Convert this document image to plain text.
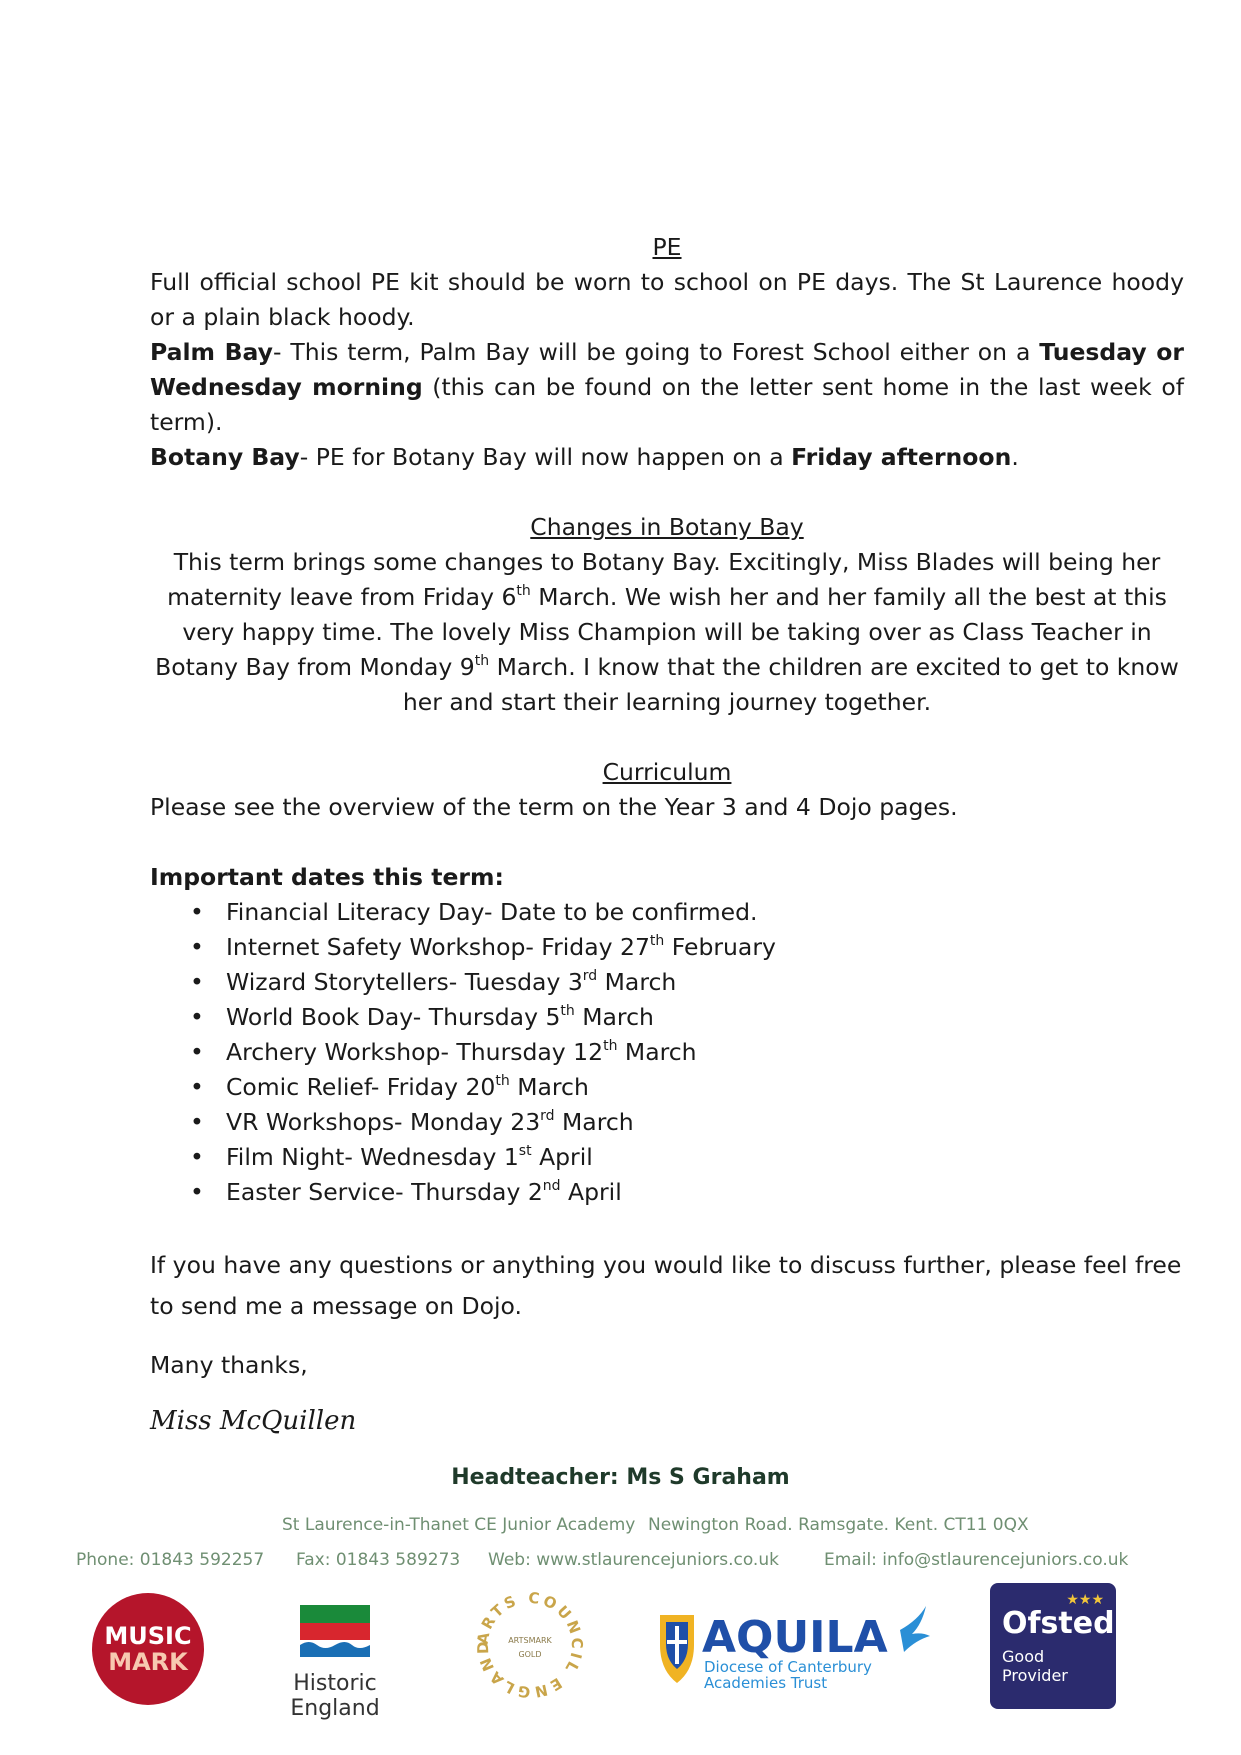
PE

Full official school PE kit should be worn to school on PE days. The St Laurence hoody or a plain black hoody.

Palm Bay- This term, Palm Bay will be going to Forest School either on a Tuesday or Wednesday morning (this can be found on the letter sent home in the last week of term).

Botany Bay- PE for Botany Bay will now happen on a Friday afternoon.

Changes in Botany Bay

This term brings some changes to Botany Bay. Excitingly, Miss Blades will being her maternity leave from Friday 6th March. We wish her and her family all the best at this very happy time. The lovely Miss Champion will be taking over as Class Teacher in Botany Bay from Monday 9th March. I know that the children are excited to get to know her and start their learning journey together.

Curriculum

Please see the overview of the term on the Year 3 and 4 Dojo pages.

Important dates this term:

• Financial Literacy Day- Date to be confirmed.
• Internet Safety Workshop- Friday 27th February
• Wizard Storytellers- Tuesday 3rd March
• World Book Day- Thursday 5th March
• Archery Workshop- Thursday 12th March
• Comic Relief- Friday 20th March
• VR Workshops- Monday 23rd March
• Film Night- Wednesday 1st April
• Easter Service- Thursday 2nd April

If you have any questions or anything you would like to discuss further, please feel free to send me a message on Dojo.

Many thanks,

Miss McQuillen

Headteacher: Ms S Graham
St Laurence-in-Thanet CE Junior Academy Newington Road. Ramsgate. Kent. CT11 0QX
Phone: 01843 592257 Fax: 01843 589273 Web: www.stlaurencejuniors.co.uk	Email: info@stlaurencejuniors.co.uk
MUSIC
MARK
Historic England
ARTS COUNCIL ENGLAND	ARTSMARK
GOLD	AQUILA
Diocese of Canterbury
Academies Trust
★★★
Ofsted
Good
Provider
